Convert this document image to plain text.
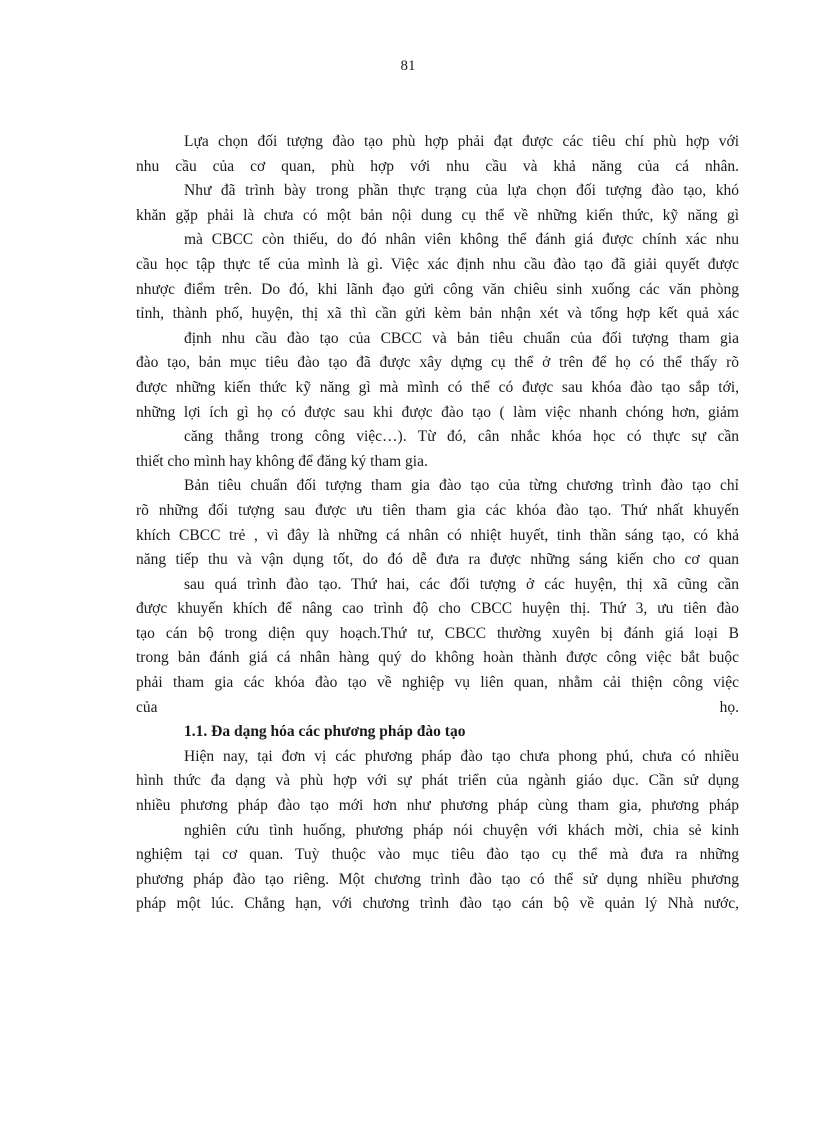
81
Lựa chọn đối tượng đào tạo phù hợp phải đạt được các tiêu chí phù hợp với
nhu cầu của cơ quan, phù hợp với nhu cầu và khả năng của cá nhân.
Như đã trình bày trong phần thực trạng của lựa chọn đối tượng đào tạo, khó
khăn gặp phải là chưa có một bản nội dung cụ thể về những kiến thức, kỹ năng gì
mà CBCC còn thiếu, do đó nhân viên không thể đánh giá được chính xác nhu
cầu học tập thực tế của mình là gì. Việc xác định nhu cầu đào tạo đã giải quyết được
nhược điểm trên. Do đó, khi lãnh đạo gửi công văn chiêu sinh xuống các văn phòng
tỉnh, thành phố, huyện, thị xã thì cần gửi kèm bản nhận xét và tổng hợp kết quả xác
định nhu cầu đào tạo của CBCC và bản tiêu chuẩn của đối tượng tham gia
đào tạo, bản mục tiêu đào tạo đã được xây dựng cụ thể ở trên để họ có thể thấy rõ
được những kiến thức kỹ năng gì mà mình có thể có được sau khóa đào tạo sắp tới,
những lợi ích gì họ có được sau khi được đào tạo ( làm việc nhanh chóng hơn, giảm
căng thẳng trong công việc…). Từ đó, cân nhắc khóa học có thực sự cần
thiết cho mình hay không để đăng ký tham gia.
Bản tiêu chuẩn đối tượng tham gia đào tạo của từng chương trình đào tạo chỉ
rõ những đối tượng sau được ưu tiên tham gia các khóa đào tạo. Thứ nhất khuyến
khích CBCC trẻ , vì đây là những cá nhân có nhiệt huyết, tinh thần sáng tạo, có khả
năng tiếp thu và vận dụng tốt, do đó dễ đưa ra được những sáng kiến cho cơ quan
sau quá trình đào tạo. Thứ hai, các đối tượng ở các huyện, thị xã cũng cần
được khuyến khích để nâng cao trình độ cho CBCC huyện thị. Thứ 3, ưu tiên đào
tạo cán bộ trong diện quy hoạch.Thứ tư, CBCC thường xuyên bị đánh giá loại B
trong bản đánh giá cá nhân hàng quý do không hoàn thành được công việc bắt buộc
phải tham gia các khóa đào tạo về nghiệp vụ liên quan, nhằm cải thiện công việc
của họ.
1.1. Đa dạng hóa các phương pháp đào tạo
Hiện nay, tại đơn vị các phương pháp đào tạo chưa phong phú, chưa có nhiều
hình thức đa dạng và phù hợp với sự phát triển của ngành giáo dục. Cần sử dụng
nhiều phương pháp đào tạo mới hơn như phương pháp cùng tham gia, phương pháp
nghiên cứu tình huống, phương pháp nói chuyện với khách mời, chia sẻ kinh
nghiệm tại cơ quan. Tuỳ thuộc vào mục tiêu đào tạo cụ thể mà đưa ra những
phương pháp đào tạo riêng. Một chương trình đào tạo có thể sử dụng nhiều phương
pháp một lúc. Chẳng hạn, với chương trình đào tạo cán bộ về quản lý Nhà nước,
